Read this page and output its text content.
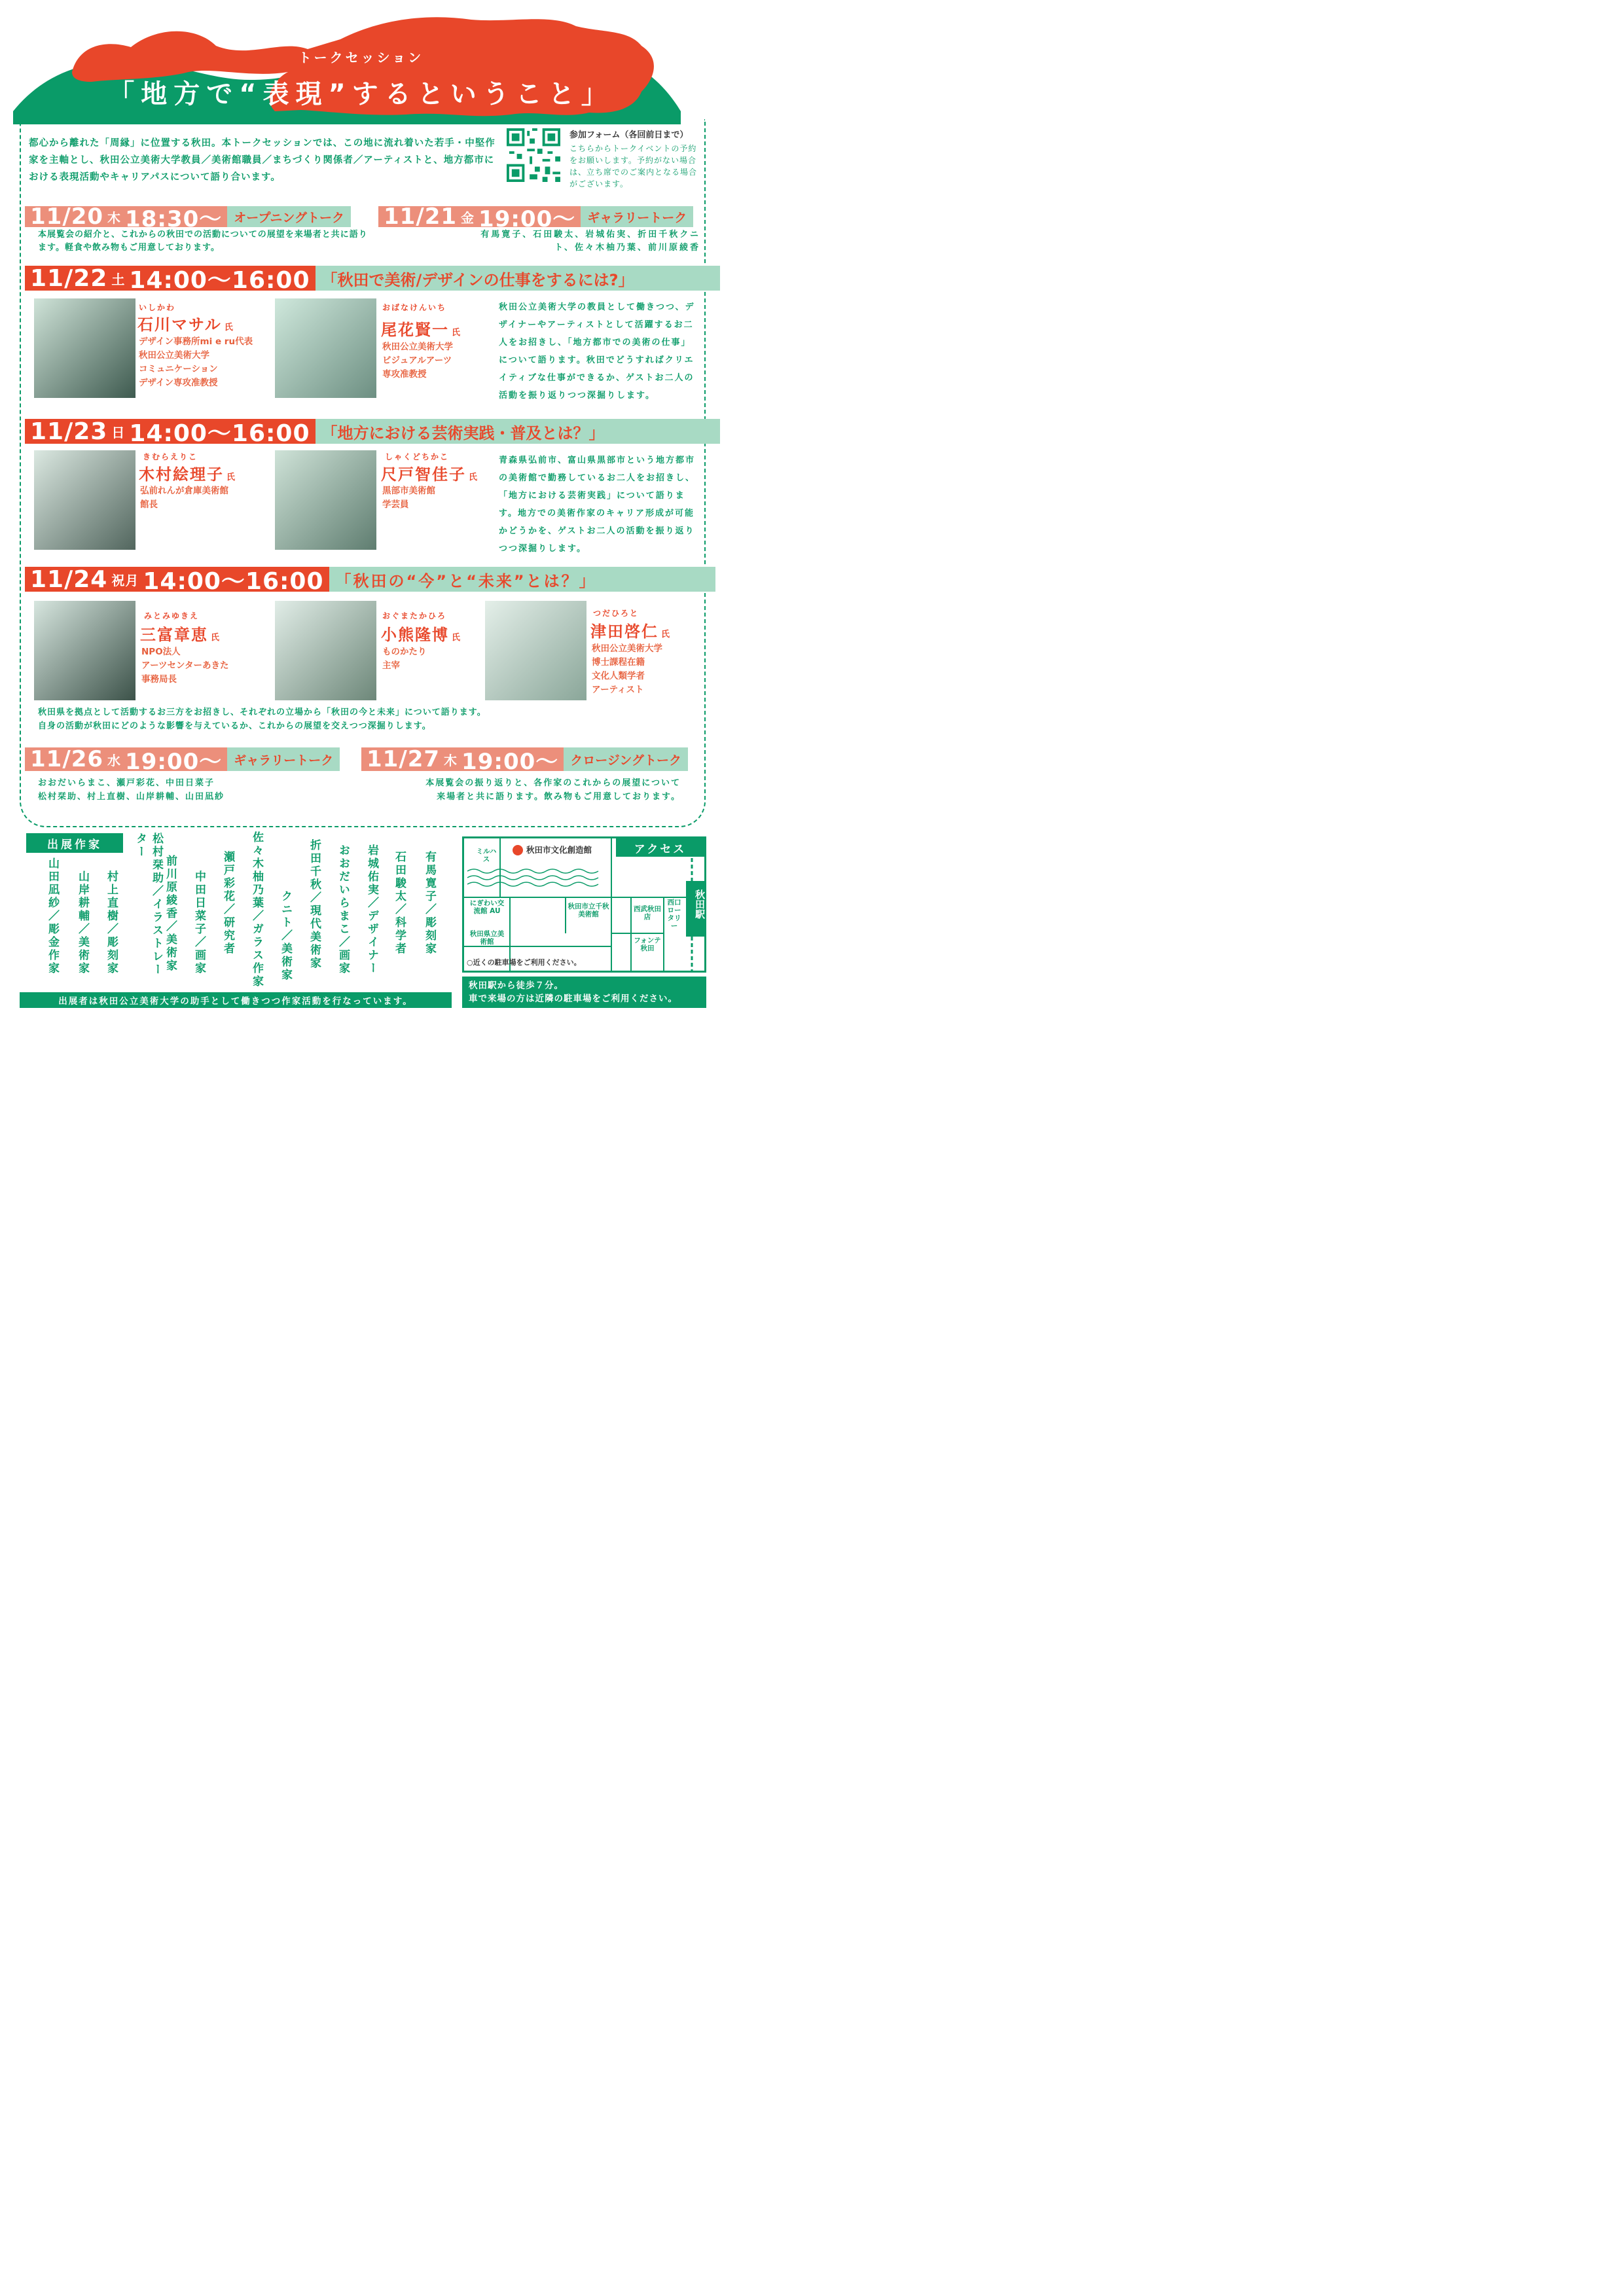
トークセッション
「地方で“表現”するということ」
都心から離れた「周縁」に位置する秋田。本トークセッションでは、この地に流れ着いた若手・中堅作家を主軸とし、秋田公立美術大学教員／美術館職員／まちづくり関係者／アーティストと、地方都市における表現活動やキャリアパスについて語り合います。
参加フォーム（各回前日まで）
こちらからトークイベントの予約をお願いします。予約がない場合は、立ち席でのご案内となる場合がございます。
11/20 木 18:30～ オープニングトーク
本展覧会の紹介と、これからの秋田での活動についての展望を来場者と共に語ります。軽食や飲み物もご用意しております。
11/21 金 19:00～ ギャラリートーク
有馬寛子、石田駿太、岩城佑実、折田千秋クニト、佐々木柚乃葉、前川原綾香
11/22 土 14:00～16:00 「秋田で美術/デザインの仕事をするには?」
いしかわ
石川マサル 氏
デザイン事務所mi e ru代表
秋田公立美術大学
コミュニケーション
デザイン専攻准教授
おばなけんいち
尾花賢一 氏
秋田公立美術大学
ビジュアルアーツ
専攻准教授
秋田公立美術大学の教員として働きつつ、デザイナーやアーティストとして活躍するお二人をお招きし、「地方都市での美術の仕事」について語ります。秋田でどうすればクリエイティブな仕事ができるか、ゲストお二人の活動を振り返りつつ深掘りします。
11/23 日 14:00～16:00 「地方における芸術実践・普及とは？」
きむらえりこ
木村絵理子 氏
弘前れんが倉庫美術館
館長
しゃくどちかこ
尺戸智佳子 氏
黒部市美術館
学芸員
青森県弘前市、富山県黒部市という地方都市の美術館で勤務しているお二人をお招きし、「地方における芸術実践」について語ります。地方での美術作家のキャリア形成が可能かどうかを、ゲストお二人の活動を振り返りつつ深掘りします。
11/24 祝月 14:00～16:00 「秋田の“今”と“未来”とは？」
みとみゆきえ
三富章恵 氏
NPO法人
アーツセンターあきた
事務局長
おぐまたかひろ
小熊隆博 氏
ものかたり
主宰
つだひろと
津田啓仁 氏
秋田公立美術大学
博士課程在籍
文化人類学者
アーティスト
秋田県を拠点として活動するお三方をお招きし、それぞれの立場から「秋田の今と未来」について語ります。
自身の活動が秋田にどのような影響を与えているか、これからの展望を交えつつ深掘りします。
11/26 水 19:00～ ギャラリートーク
おおだいらまこ、瀬戸彩花、中田日菜子
松村栞助、村上直樹、山岸耕輔、山田凪紗
11/27 木 19:00～ クロージングトーク
本展覧会の振り返りと、各作家のこれからの展望について
来場者と共に語ります。飲み物もご用意しております。
出展作家
有馬寛子／彫刻家
石田駿太／科学者
岩城佑実／デザイナー
おおだいらまこ／画家
折田千秋／現代美術家
クニト／美術家
佐々木柚乃葉／ガラス作家
瀬戸彩花／研究者
中田日菜子／画家
前川原綾香／美術家
松村栞助／イラストレーター
村上直樹／彫刻家
山岸耕輔／美術家
山田凪紗／彫金作家
出展者は秋田公立美術大学の助手として働きつつ作家活動を行なっています。
アクセス
秋田市文化創造館
ミルハス
にぎわい交流館 AU
秋田県立美術館
秋田市立千秋美術館
西武秋田店
フォンテ秋田
西口ロータリー
秋田駅
○近くの駐車場をご利用ください。
秋田駅から徒歩７分。
車で来場の方は近隣の駐車場をご利用ください。
